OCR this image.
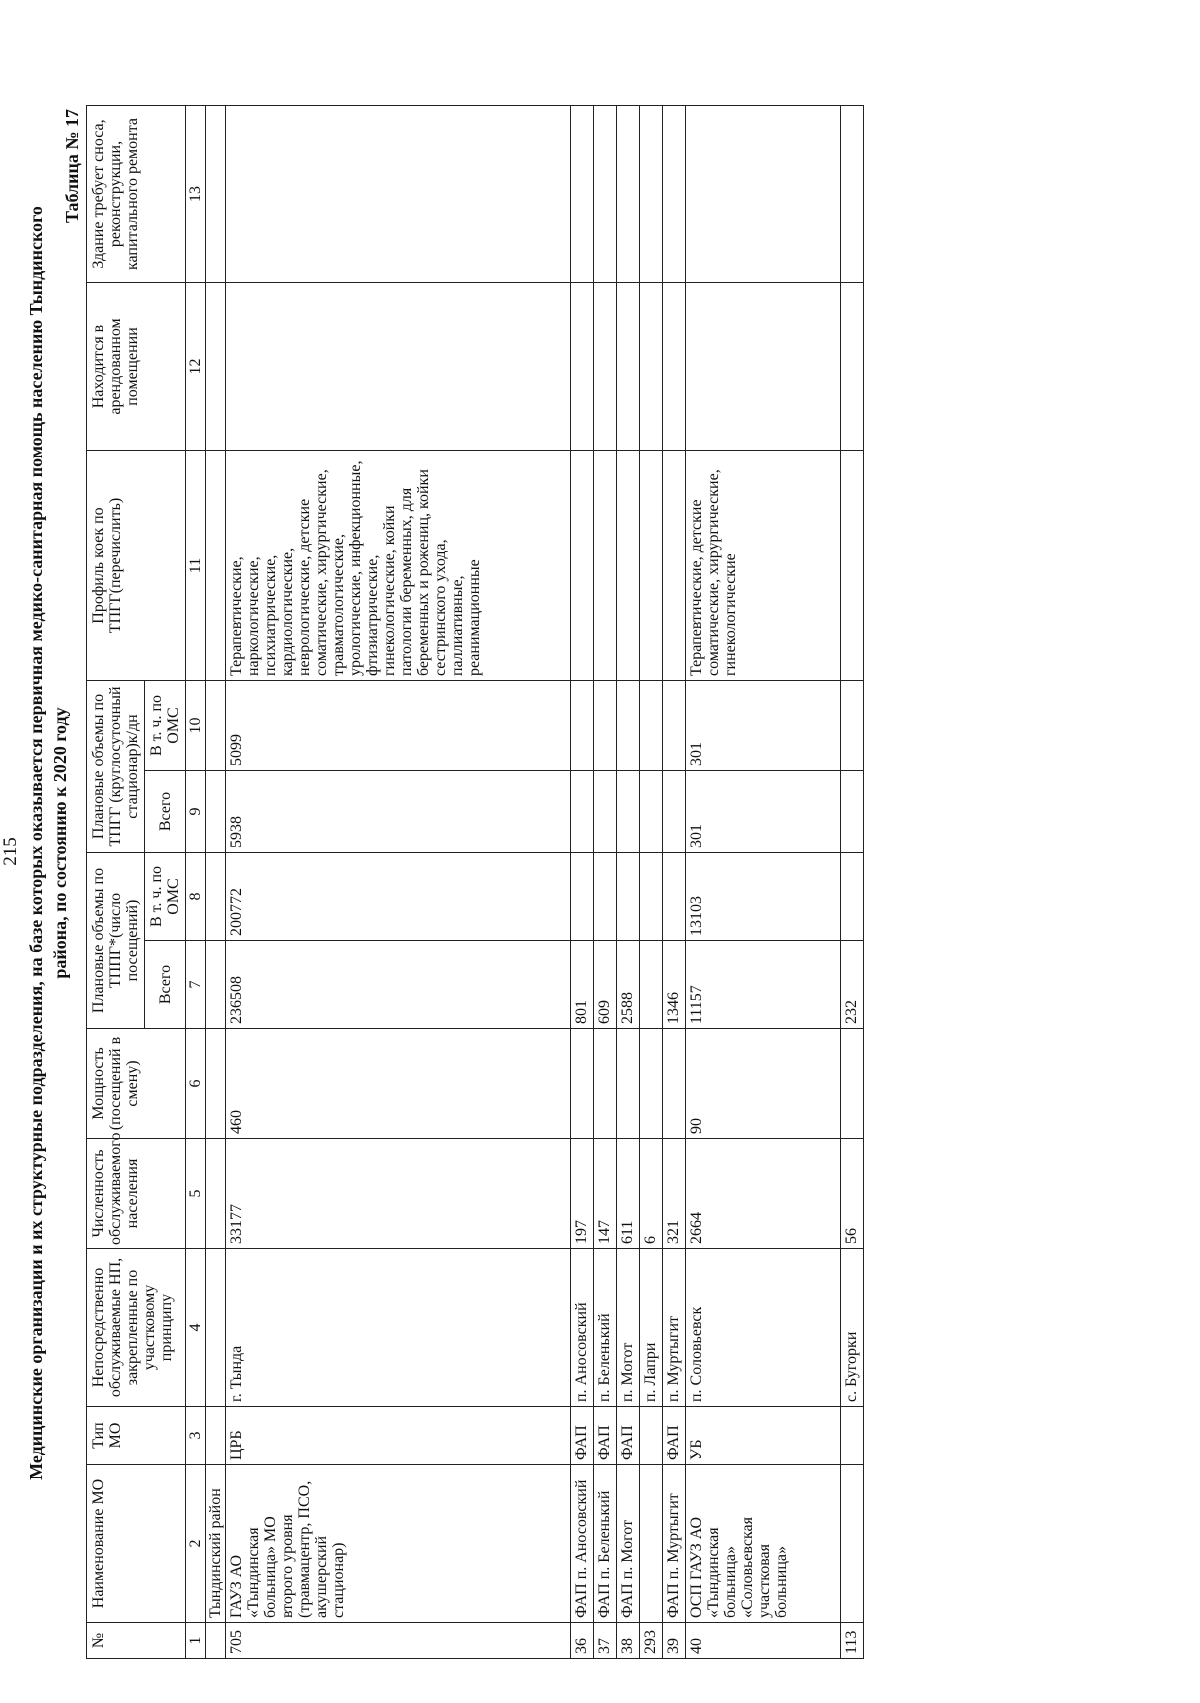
215 Медицинские организации и их структурные подразделения, на базе которых оказывается первичная медико-санитарная помощь населению Тындинского района, по состоянию к 2020 году
Таблица № 17
№	Наименование МО	Тип МО	Непосредственно обслуживаемые НП, закрепленные по участковому принципу	Численность обслуживаемого населения	Мощность (посещений в смену)	Плановые объемы по ТППГ*(число посещений)		Плановые объемы по ТПГГ (круглосуточный стационар)к/дн		Профиль коек по ТПГГ(перечислить)	Находится в арендованном помещении	Здание требует сноса, реконструкции, капитального ремонта
						Всего	В т. ч. по ОМС	Всего	В т. ч. по ОМС			
1	2	3	4	5	6	7	8	9	10	11	12	13
	Тындинский район											
705	ГАУЗ АО «Тындинская больница» МО второго уровня (травмацентр, ПСО, акушерский стационар)	ЦРБ	г. Тында	33177	460	236508	200772	5938	5099	Терапевтические, наркологические, психиатрические, кардиологические, неврологические, детские соматические, хирургические, травматологические, урологические, инфекционные, фтизиатрические, гинекологические, койки патологии беременных, для беременных и рожениц, койки сестринского ухода, паллиативные, реанимационные		
36	ФАП п. Аносовский	ФАП	п. Аносовский	197		801						
37	ФАП п. Беленький	ФАП	п. Беленький	147		609						
38	ФАП п. Могот	ФАП	п. Могот	611		2588						
293			п. Лапри	6								
39	ФАП п. Муртыгит	ФАП	п. Муртыгит	321		1346						
40	ОСП ГАУЗ АО «Тындинская больница» «Соловьевская участковая больница»	УБ	п. Соловьевск	2664	90	11157	13103	301	301	Терапевтические, детские соматические, хирургические, гинекологические		
113			с. Бугорки	56		232						
